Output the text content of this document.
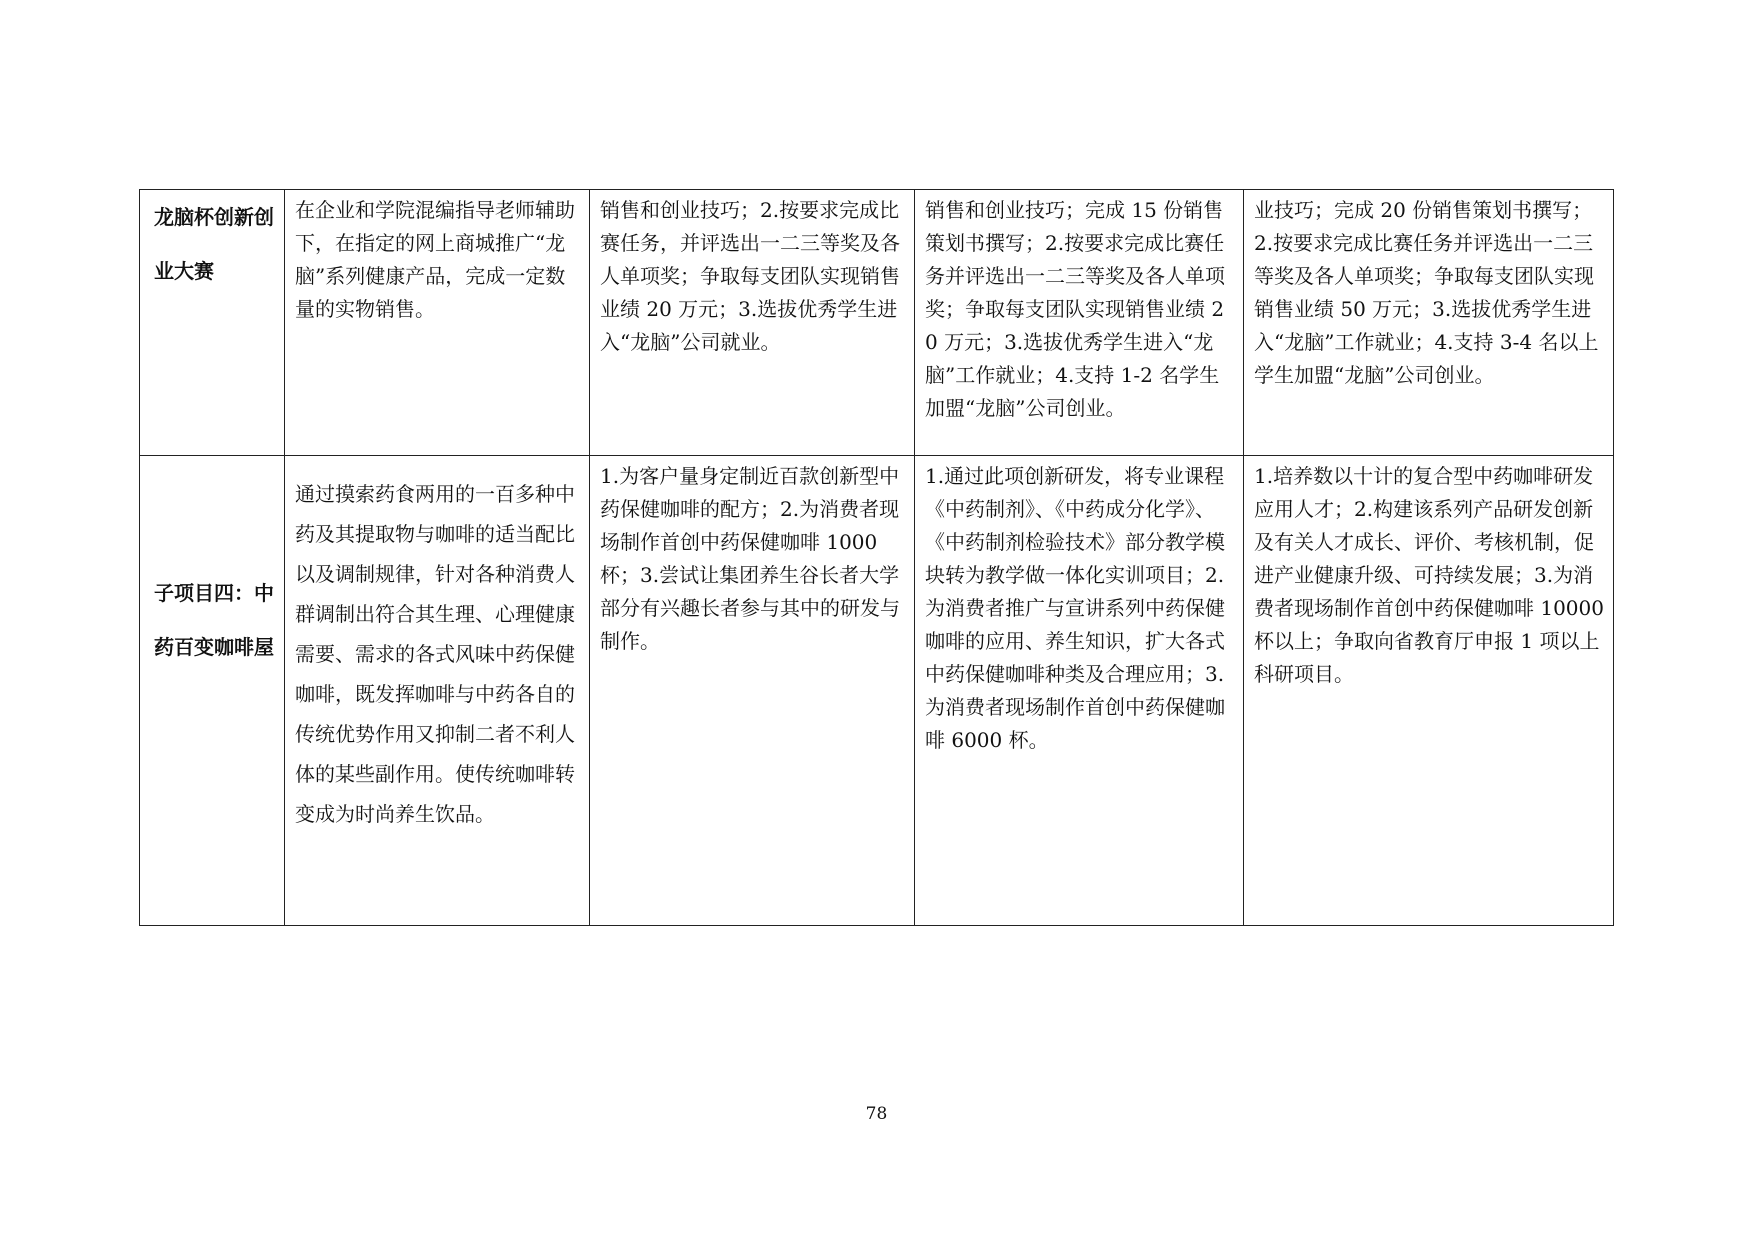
龙脑杯创新创业大赛	在企业和学院混编指导老师辅助下，在指定的网上商城推广“龙脑”系列健康产品，完成一定数量的实物销售。	销售和创业技巧；2.按要求完成比赛任务，并评选出一二三等奖及各人单项奖；争取每支团队实现销售业绩 20 万元；3.选拔优秀学生进入“龙脑”公司就业。	销售和创业技巧；完成 15 份销售策划书撰写；2.按要求完成比赛任务并评选出一二三等奖及各人单项奖；争取每支团队实现销售业绩 20 万元；3.选拔优秀学生进入“龙脑”工作就业；4.支持 1-2 名学生加盟“龙脑”公司创业。	业技巧；完成 20 份销售策划书撰写；2.按要求完成比赛任务并评选出一二三等奖及各人单项奖；争取每支团队实现销售业绩 50 万元；3.选拔优秀学生进入“龙脑”工作就业；4.支持 3-4 名以上学生加盟“龙脑”公司创业。
子项目四：中药百变咖啡屋	通过摸索药食两用的一百多种中药及其提取物与咖啡的适当配比以及调制规律，针对各种消费人群调制出符合其生理、心理健康需要、需求的各式风味中药保健咖啡，既发挥咖啡与中药各自的传统优势作用又抑制二者不利人体的某些副作用。使传统咖啡转变成为时尚养生饮品。	1.为客户量身定制近百款创新型中药保健咖啡的配方；2.为消费者现场制作首创中药保健咖啡 1000 杯；3.尝试让集团养生谷长者大学部分有兴趣长者参与其中的研发与制作。	1.通过此项创新研发，将专业课程《中药制剂》、《中药成分化学》、《中药制剂检验技术》部分教学模块转为教学做一体化实训项目；2.为消费者推广与宣讲系列中药保健咖啡的应用、养生知识，扩大各式中药保健咖啡种类及合理应用；3.为消费者现场制作首创中药保健咖啡 6000 杯。	1.培养数以十计的复合型中药咖啡研发应用人才；2.构建该系列产品研发创新及有关人才成长、评价、考核机制，促进产业健康升级、可持续发展；3.为消费者现场制作首创中药保健咖啡 10000 杯以上；争取向省教育厅申报 1 项以上科研项目。
78
